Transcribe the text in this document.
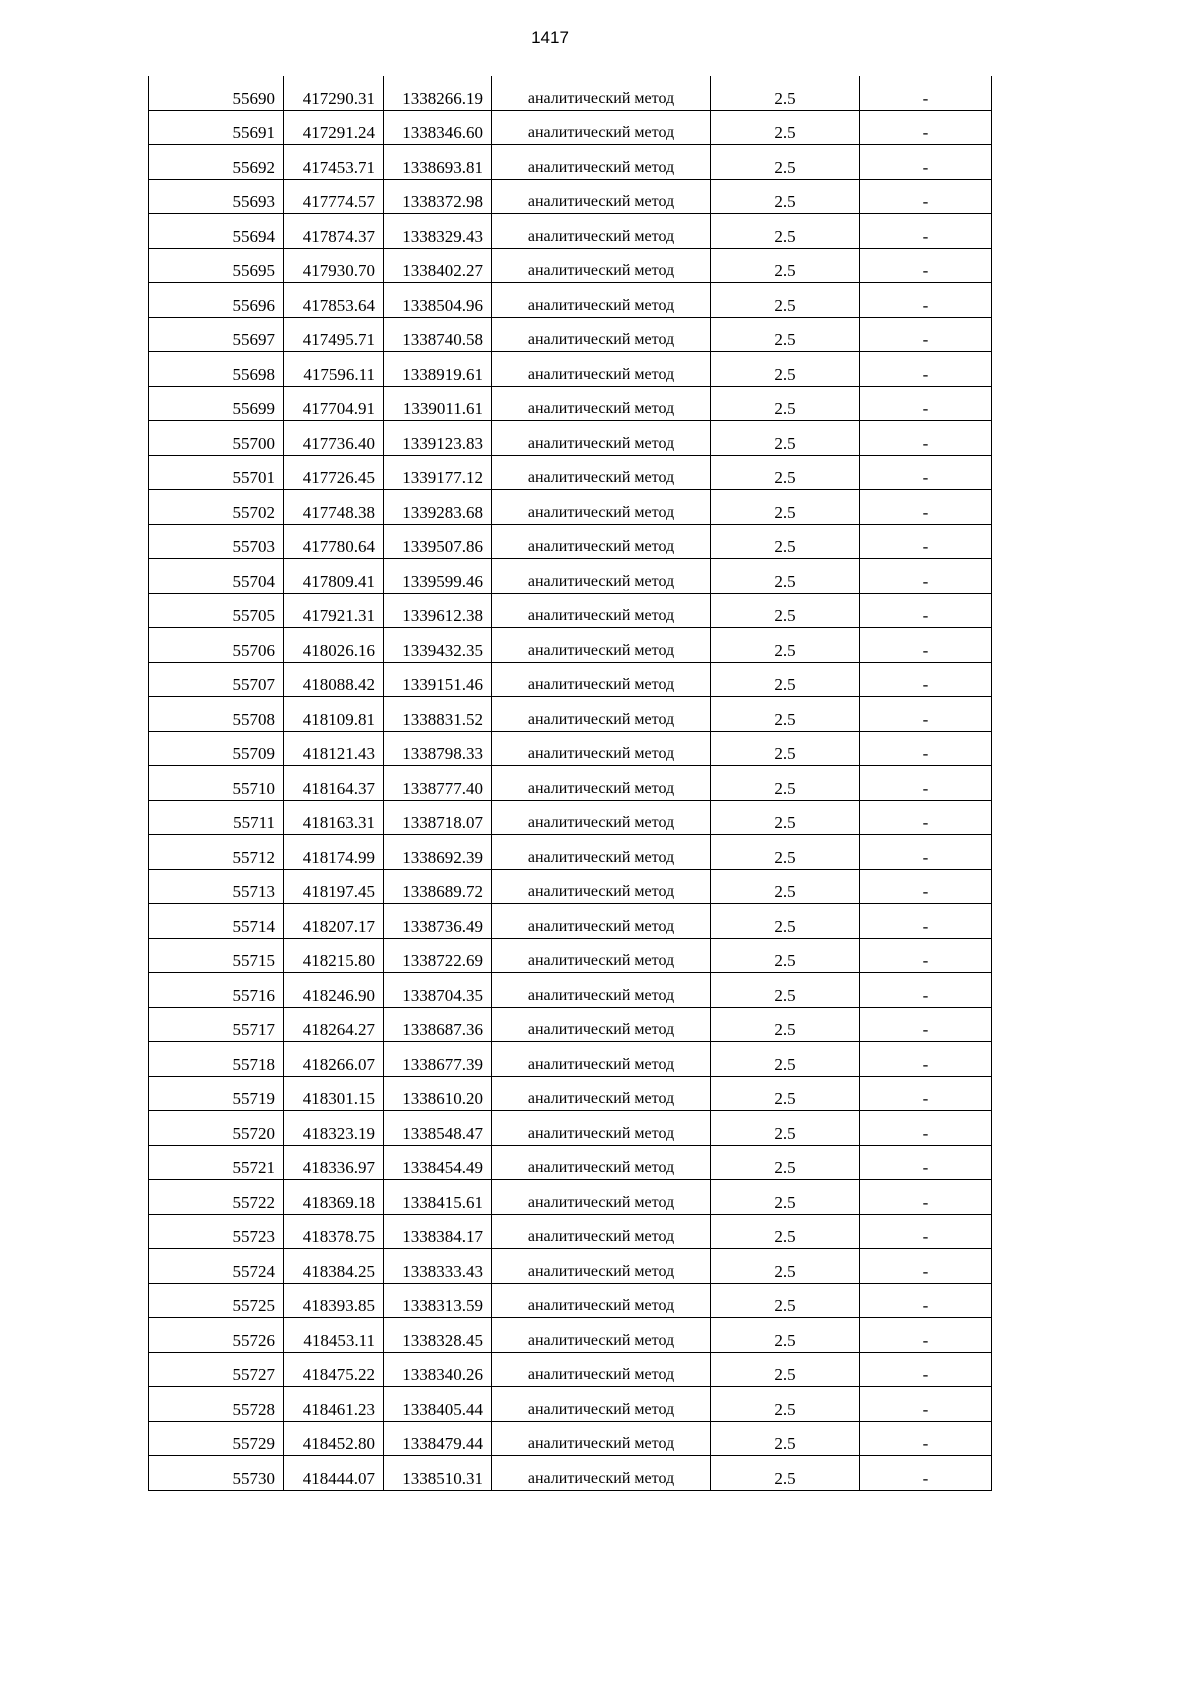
1417
55690	417290.31	1338266.19	аналитический метод	2.5	-
55691	417291.24	1338346.60	аналитический метод	2.5	-
55692	417453.71	1338693.81	аналитический метод	2.5	-
55693	417774.57	1338372.98	аналитический метод	2.5	-
55694	417874.37	1338329.43	аналитический метод	2.5	-
55695	417930.70	1338402.27	аналитический метод	2.5	-
55696	417853.64	1338504.96	аналитический метод	2.5	-
55697	417495.71	1338740.58	аналитический метод	2.5	-
55698	417596.11	1338919.61	аналитический метод	2.5	-
55699	417704.91	1339011.61	аналитический метод	2.5	-
55700	417736.40	1339123.83	аналитический метод	2.5	-
55701	417726.45	1339177.12	аналитический метод	2.5	-
55702	417748.38	1339283.68	аналитический метод	2.5	-
55703	417780.64	1339507.86	аналитический метод	2.5	-
55704	417809.41	1339599.46	аналитический метод	2.5	-
55705	417921.31	1339612.38	аналитический метод	2.5	-
55706	418026.16	1339432.35	аналитический метод	2.5	-
55707	418088.42	1339151.46	аналитический метод	2.5	-
55708	418109.81	1338831.52	аналитический метод	2.5	-
55709	418121.43	1338798.33	аналитический метод	2.5	-
55710	418164.37	1338777.40	аналитический метод	2.5	-
55711	418163.31	1338718.07	аналитический метод	2.5	-
55712	418174.99	1338692.39	аналитический метод	2.5	-
55713	418197.45	1338689.72	аналитический метод	2.5	-
55714	418207.17	1338736.49	аналитический метод	2.5	-
55715	418215.80	1338722.69	аналитический метод	2.5	-
55716	418246.90	1338704.35	аналитический метод	2.5	-
55717	418264.27	1338687.36	аналитический метод	2.5	-
55718	418266.07	1338677.39	аналитический метод	2.5	-
55719	418301.15	1338610.20	аналитический метод	2.5	-
55720	418323.19	1338548.47	аналитический метод	2.5	-
55721	418336.97	1338454.49	аналитический метод	2.5	-
55722	418369.18	1338415.61	аналитический метод	2.5	-
55723	418378.75	1338384.17	аналитический метод	2.5	-
55724	418384.25	1338333.43	аналитический метод	2.5	-
55725	418393.85	1338313.59	аналитический метод	2.5	-
55726	418453.11	1338328.45	аналитический метод	2.5	-
55727	418475.22	1338340.26	аналитический метод	2.5	-
55728	418461.23	1338405.44	аналитический метод	2.5	-
55729	418452.80	1338479.44	аналитический метод	2.5	-
55730	418444.07	1338510.31	аналитический метод	2.5	-
